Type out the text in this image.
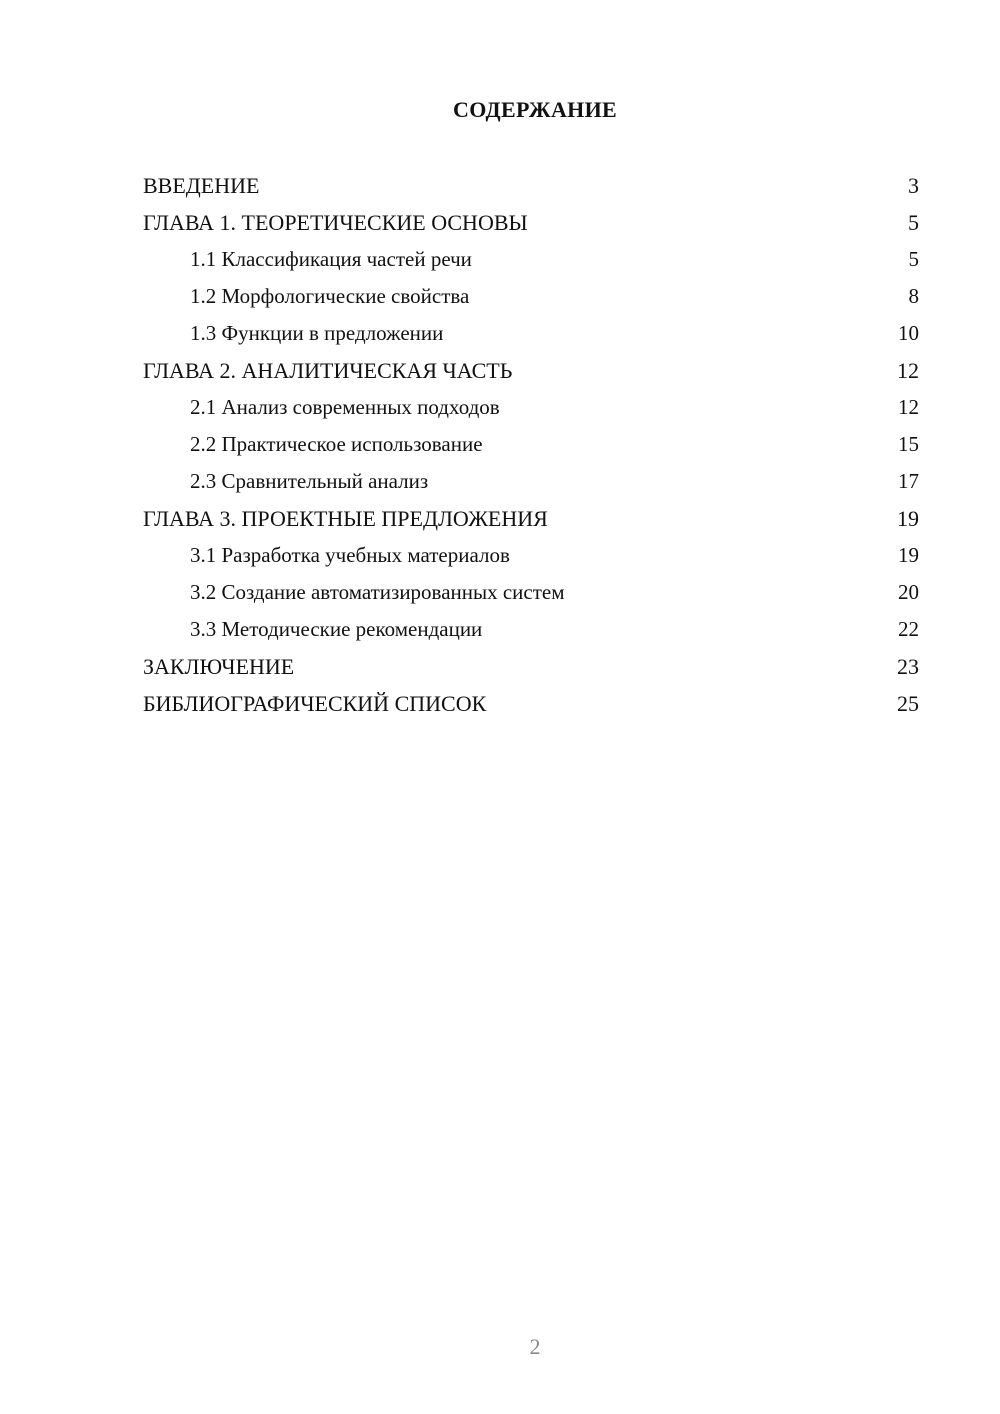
СОДЕРЖАНИЕ
ВВЕДЕНИЕ	3
ГЛАВА 1. ТЕОРЕТИЧЕСКИЕ ОСНОВЫ	5
1.1 Классификация частей речи	5
1.2 Морфологические свойства	8
1.3 Функции в предложении	10
ГЛАВА 2. АНАЛИТИЧЕСКАЯ ЧАСТЬ	12
2.1 Анализ современных подходов	12
2.2 Практическое использование	15
2.3 Сравнительный анализ	17
ГЛАВА 3. ПРОЕКТНЫЕ ПРЕДЛОЖЕНИЯ	19
3.1 Разработка учебных материалов	19
3.2 Создание автоматизированных систем	20
3.3 Методические рекомендации	22
ЗАКЛЮЧЕНИЕ	23
БИБЛИОГРАФИЧЕСКИЙ СПИСОК	25
2
